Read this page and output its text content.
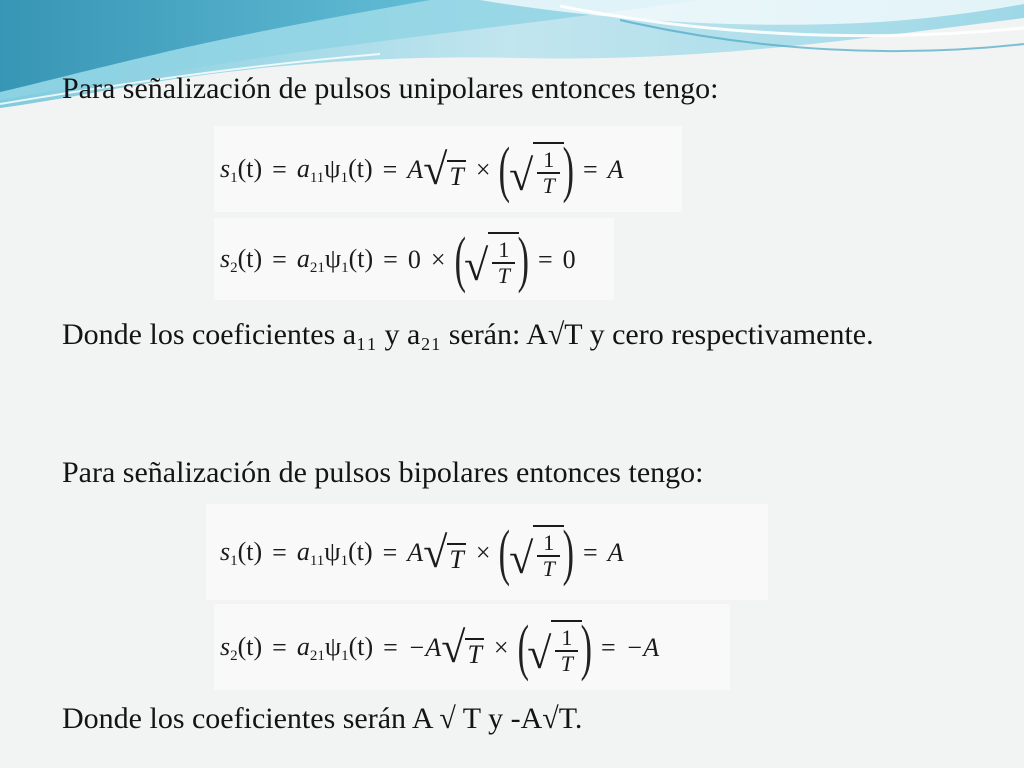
Para señalización de pulsos unipolares entonces tengo:
$s_1(t) = a_{11}\psi_1(t) = A$ √ T × (
√ $\frac{1}{T}$ ) = A
$s_2(t) = a_{21}\psi_1(t) = 0$ × (
√ $\frac{1}{T}$ ) = 0
Donde los coeficientes a₁₁ y a₂₁ serán: A√T y cero respectivamente.
Para señalización de pulsos bipolares entonces tengo:
$s_1(t) = a_{11}\psi_1(t) = A$ √ T × (
√ $\frac{1}{T}$ ) = A
$s_2(t) = a_{21}\psi_1(t) = -A$ √ T × (
√ $\frac{1}{T}$ ) = −A
Donde los coeficientes serán A √ T y -A√T.
